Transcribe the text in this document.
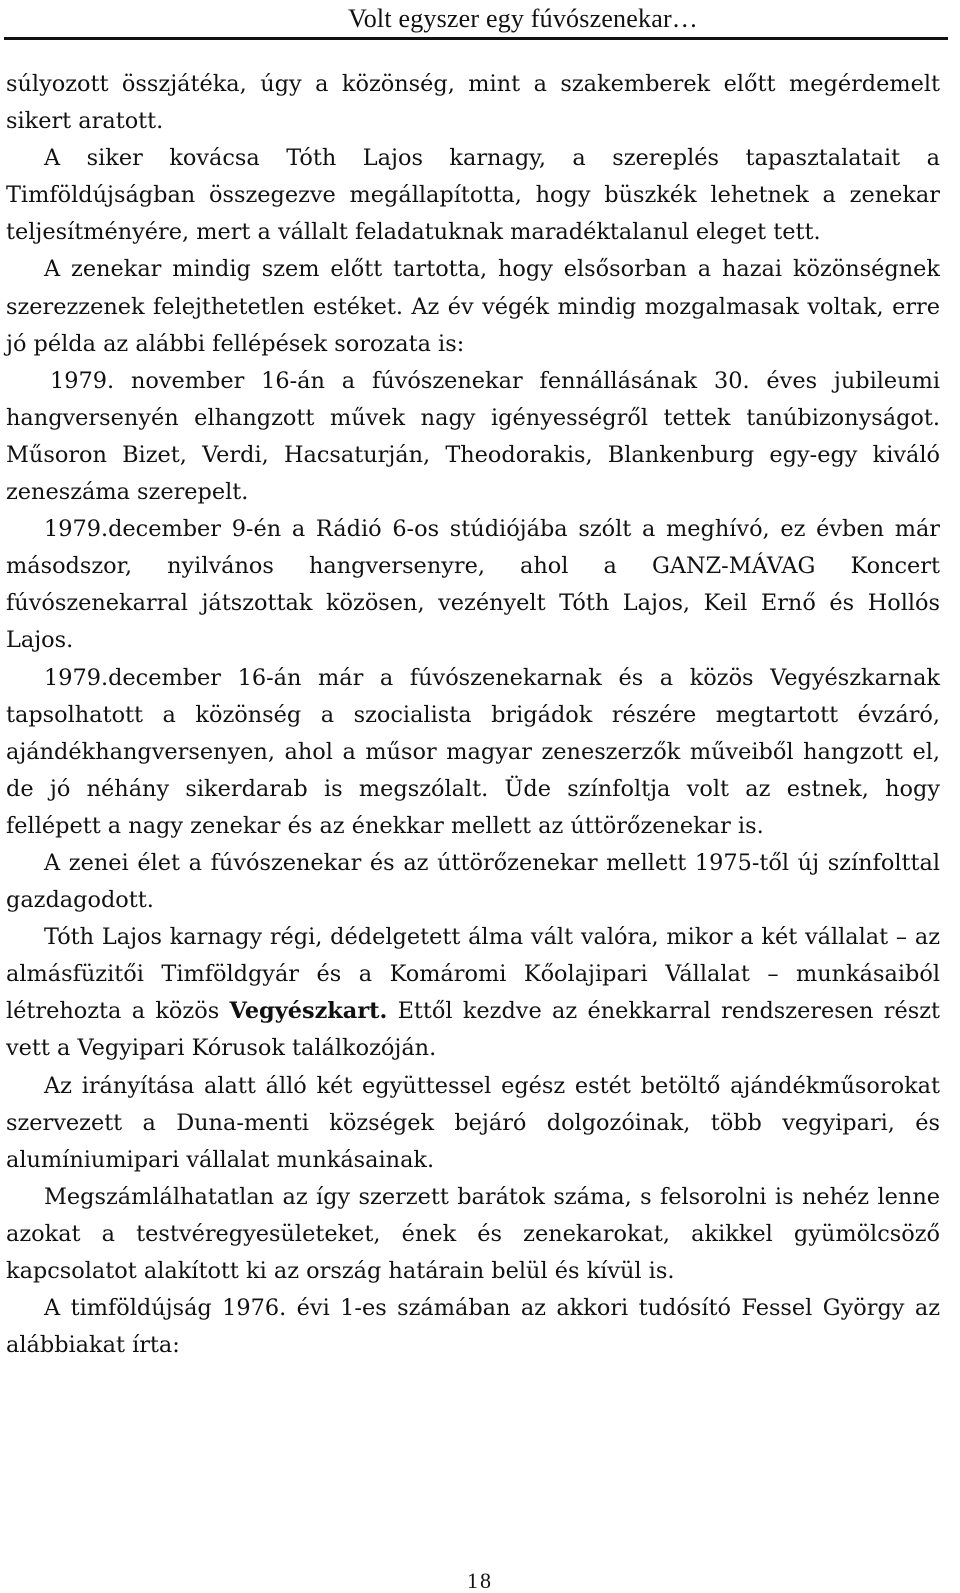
Volt egyszer egy fúvószenekar…

súlyozott összjátéka, úgy a közönség, mint a szakemberek előtt megérdemelt sikert aratott.

A siker kovácsa Tóth Lajos karnagy, a szereplés tapasztalatait a Timföldújságban összegezve megállapította, hogy büszkék lehetnek a zenekar teljesítményére, mert a vállalt feladatuknak maradéktalanul eleget tett.

A zenekar mindig szem előtt tartotta, hogy elsősorban a hazai közönségnek szerezzenek felejthetetlen estéket. Az év végék mindig mozgalmasak voltak, erre jó példa az alábbi fellépések sorozata is:

1979. november 16-án a fúvószenekar fennállásának 30. éves jubileumi hangversenyén elhangzott művek nagy igényességről tettek tanúbizonyságot. Műsoron Bizet, Verdi, Hacsaturján, Theodorakis, Blankenburg egy-egy kiváló zeneszáma szerepelt.

1979.december 9-én a Rádió 6-os stúdiójába szólt a meghívó, ez évben már másodszor, nyilvános hangversenyre, ahol a GANZ-MÁVAG Koncert fúvószenekarral játszottak közösen, vezényelt Tóth Lajos, Keil Ernő és Hollós Lajos.

1979.december 16-án már a fúvószenekarnak és a közös Vegyészkarnak tapsolhatott a közönség a szocialista brigádok részére megtartott évzáró, ajándékhangversenyen, ahol a műsor magyar zeneszerzők műveiből hangzott el, de jó néhány sikerdarab is megszólalt. Üde színfoltja volt az estnek, hogy fellépett a nagy zenekar és az énekkar mellett az úttörőzenekar is.

A zenei élet a fúvószenekar és az úttörőzenekar mellett 1975-től új színfolttal gazdagodott.

Tóth Lajos karnagy régi, dédelgetett álma vált valóra, mikor a két vállalat – az almásfüzitői Timföldgyár és a Komáromi Kőolajipari Vállalat – munkásaiból létrehozta a közös Vegyészkart. Ettől kezdve az énekkarral rendszeresen részt vett a Vegyipari Kórusok találkozóján.

Az irányítása alatt álló két együttessel egész estét betöltő ajándékműsorokat szervezett a Duna-menti községek bejáró dolgozóinak, több vegyipari, és alumíniumipari vállalat munkásainak.

Megszámlálhatatlan az így szerzett barátok száma, s felsorolni is nehéz lenne azokat a testvéregyesületeket, ének és zenekarokat, akikkel gyümölcsöző kapcsolatot alakított ki az ország határain belül és kívül is.

A timföldújság 1976. évi 1-es számában az akkori tudósító Fessel György az alábbiakat írta:

18
